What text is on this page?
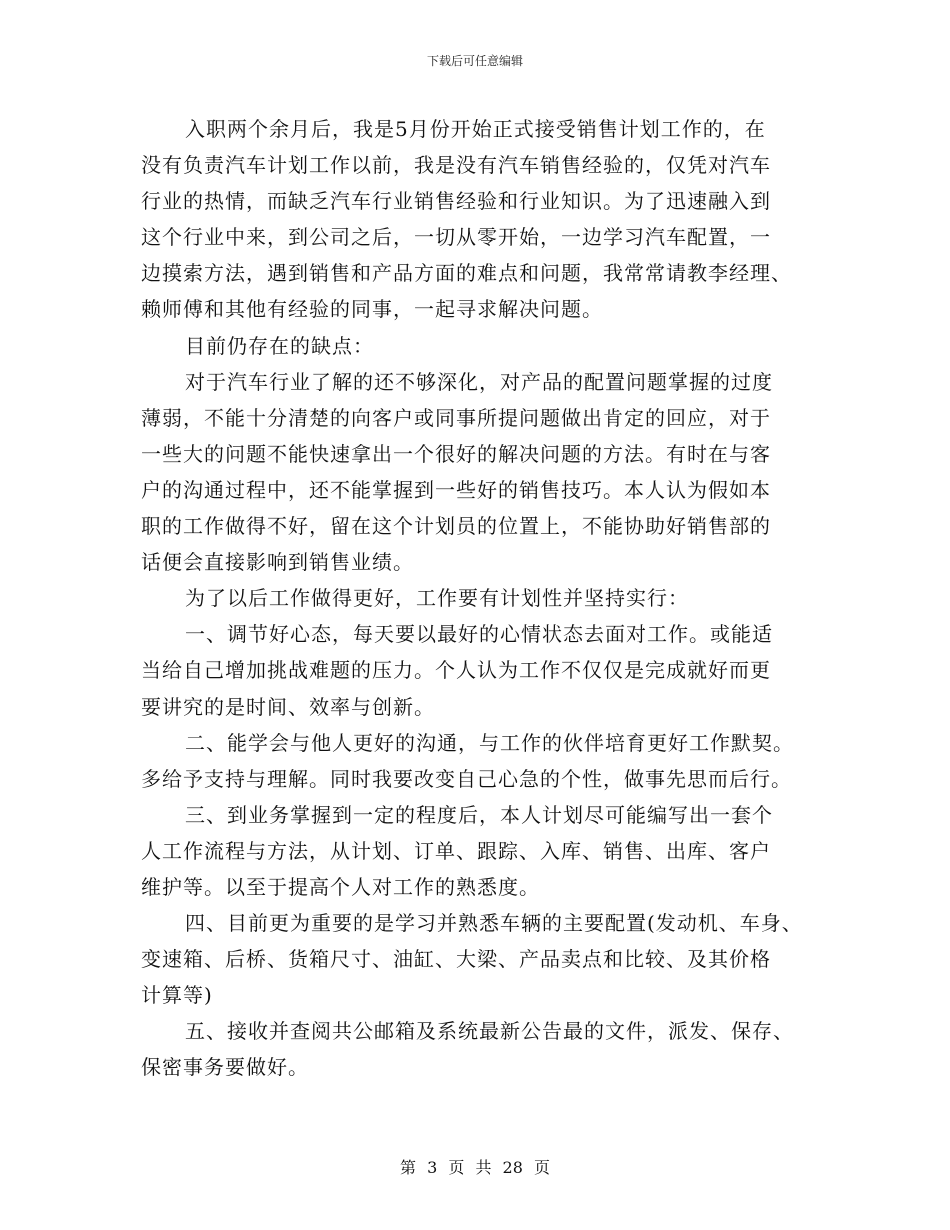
下载后可任意编辑
入职两个余月后，我是5月份开始正式接受销售计划工作的，在
没有负责汽车计划工作以前，我是没有汽车销售经验的，仅凭对汽车
行业的热情，而缺乏汽车行业销售经验和行业知识。为了迅速融入到
这个行业中来，到公司之后，一切从零开始，一边学习汽车配置，一
边摸索方法，遇到销售和产品方面的难点和问题，我常常请教李经理、
赖师傅和其他有经验的同事，一起寻求解决问题。
目前仍存在的缺点：
对于汽车行业了解的还不够深化，对产品的配置问题掌握的过度
薄弱，不能十分清楚的向客户或同事所提问题做出肯定的回应，对于
一些大的问题不能快速拿出一个很好的解决问题的方法。有时在与客
户的沟通过程中，还不能掌握到一些好的销售技巧。本人认为假如本
职的工作做得不好，留在这个计划员的位置上，不能协助好销售部的
话便会直接影响到销售业绩。
为了以后工作做得更好，工作要有计划性并坚持实行：
一、调节好心态，每天要以最好的心情状态去面对工作。或能适
当给自己增加挑战难题的压力。个人认为工作不仅仅是完成就好而更
要讲究的是时间、效率与创新。
二、能学会与他人更好的沟通，与工作的伙伴培育更好工作默契。
多给予支持与理解。同时我要改变自己心急的个性，做事先思而后行。
三、到业务掌握到一定的程度后，本人计划尽可能编写出一套个
人工作流程与方法，从计划、订单、跟踪、入库、销售、出库、客户
维护等。以至于提高个人对工作的熟悉度。
四、目前更为重要的是学习并熟悉车辆的主要配置(发动机、车身、
变速箱、后桥、货箱尺寸、油缸、大梁、产品卖点和比较、及其价格
计算等)
五、接收并查阅共公邮箱及系统最新公告最的文件，派发、保存、
保密事务要做好。
第 3 页 共 28 页
